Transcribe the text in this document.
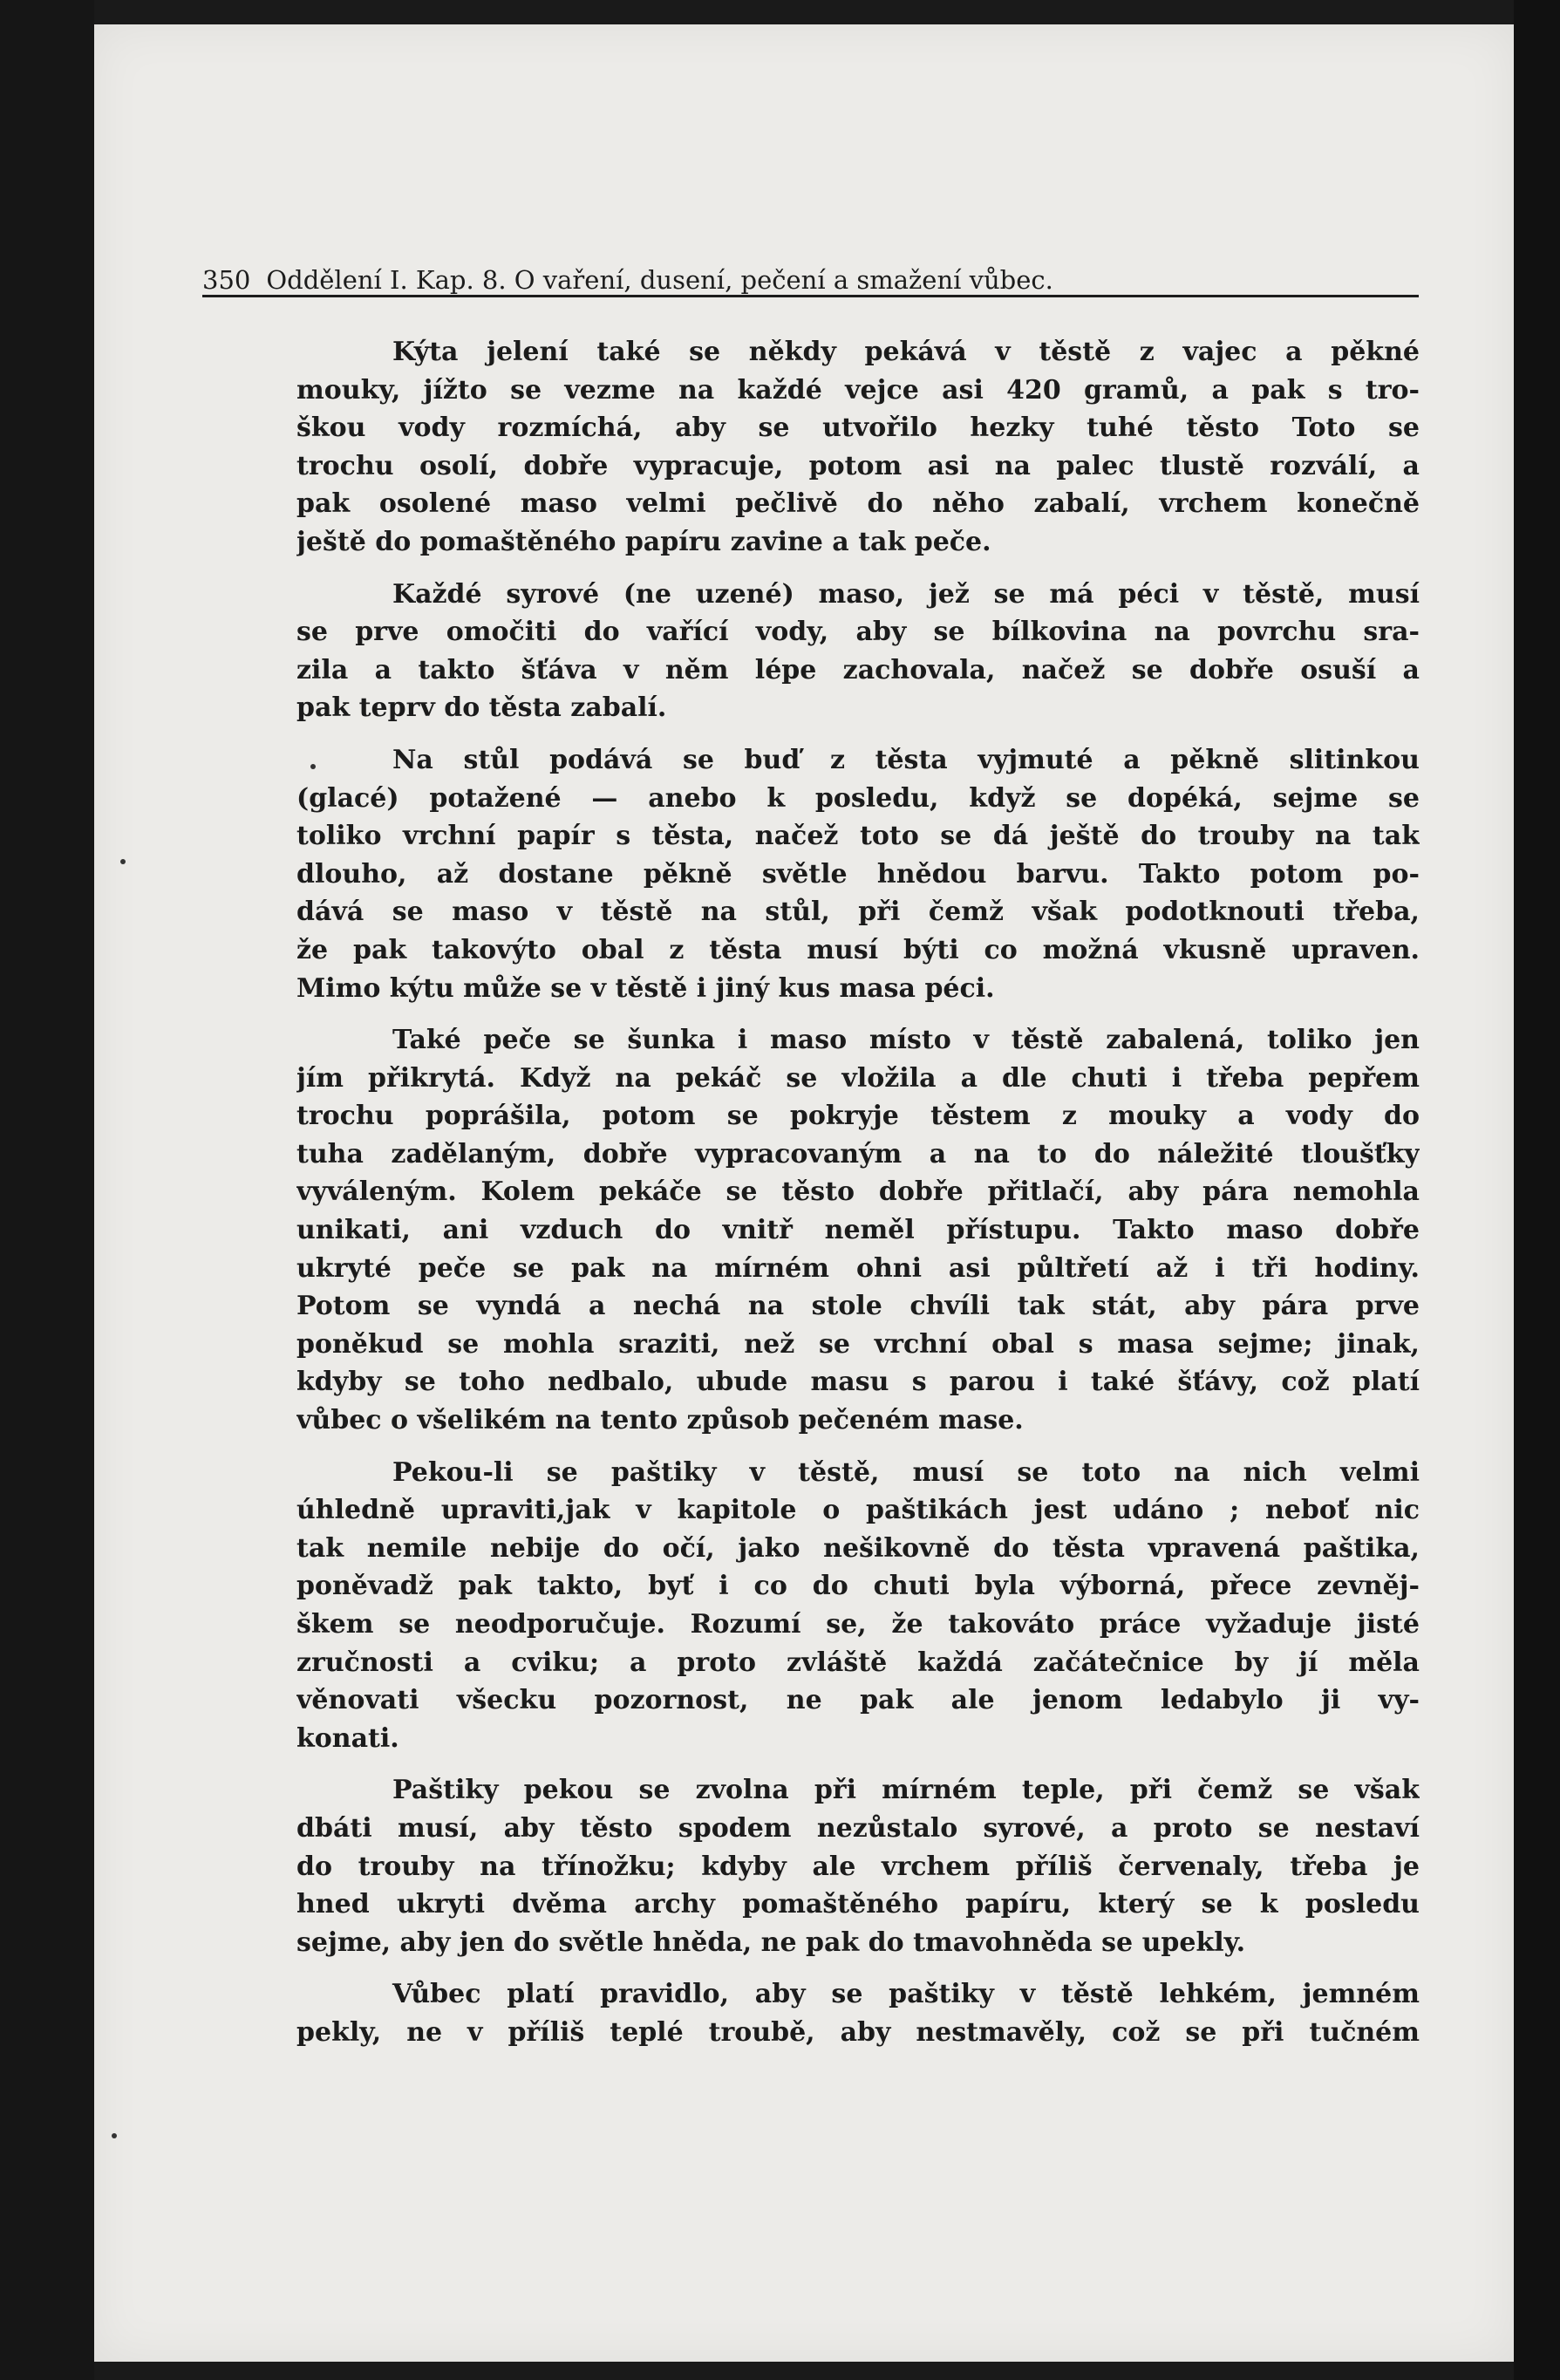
350 Oddělení I. Kap. 8. O vaření, dusení, pečení a smažení vůbec.
Kýta jelení také se někdy pekává v těstě z vajec a pěkné
mouky, jížto se vezme na každé vejce asi 420 gramů, a pak s tro-
škou vody rozmíchá, aby se utvořilo hezky tuhé těsto Toto se
trochu osolí, dobře vypracuje, potom asi na palec tlustě rozválí, a
pak osolené maso velmi pečlivě do něho zabalí, vrchem konečně
ještě do pomaštěného papíru zavine a tak peče.
Každé syrové (ne uzené) maso, jež se má péci v těstě, musí
se prve omočiti do vařící vody, aby se bílkovina na povrchu sra-
zila a takto šťáva v něm lépe zachovala, načež se dobře osuší a
pak teprv do těsta zabalí.
Na stůl podává se buď z těsta vyjmuté a pěkně slitinkou
(glacé) potažené — anebo k posledu, když se dopéká, sejme se
toliko vrchní papír s těsta, načež toto se dá ještě do trouby na tak
dlouho, až dostane pěkně světle hnědou barvu. Takto potom po-
dává se maso v těstě na stůl, při čemž však podotknouti třeba,
že pak takovýto obal z těsta musí býti co možná vkusně upraven.
Mimo kýtu může se v těstě i jiný kus masa péci.
Také peče se šunka i maso místo v těstě zabalená, toliko jen
jím přikrytá. Když na pekáč se vložila a dle chuti i třeba pepřem
trochu poprášila, potom se pokryje těstem z mouky a vody do
tuha zadělaným, dobře vypracovaným a na to do náležité tloušťky
vyváleným. Kolem pekáče se těsto dobře přitlačí, aby pára nemohla
unikati, ani vzduch do vnitř neměl přístupu. Takto maso dobře
ukryté peče se pak na mírném ohni asi půltřetí až i tři hodiny.
Potom se vyndá a nechá na stole chvíli tak stát, aby pára prve
poněkud se mohla sraziti, než se vrchní obal s masa sejme; jinak,
kdyby se toho nedbalo, ubude masu s parou i také šťávy, což platí
vůbec o všelikém na tento způsob pečeném mase.
Pekou-li se paštiky v těstě, musí se toto na nich velmi
úhledně upraviti,jak v kapitole o paštikách jest udáno ; neboť nic
tak nemile nebije do očí, jako nešikovně do těsta vpravená paštika,
poněvadž pak takto, byť i co do chuti byla výborná, přece zevněj-
škem se neodporučuje. Rozumí se, že takováto práce vyžaduje jisté
zručnosti a cviku; a proto zvláště každá začátečnice by jí měla
věnovati všecku pozornost, ne pak ale jenom ledabylo ji vy-
konati.
Paštiky pekou se zvolna při mírném teple, při čemž se však
dbáti musí, aby těsto spodem nezůstalo syrové, a proto se nestaví
do trouby na třínožku; kdyby ale vrchem příliš červenaly, třeba je
hned ukryti dvěma archy pomaštěného papíru, který se k posledu
sejme, aby jen do světle hněda, ne pak do tmavohněda se upekly.
Vůbec platí pravidlo, aby se paštiky v těstě lehkém, jemném
pekly, ne v příliš teplé troubě, aby nestmavěly, což se při tučném
